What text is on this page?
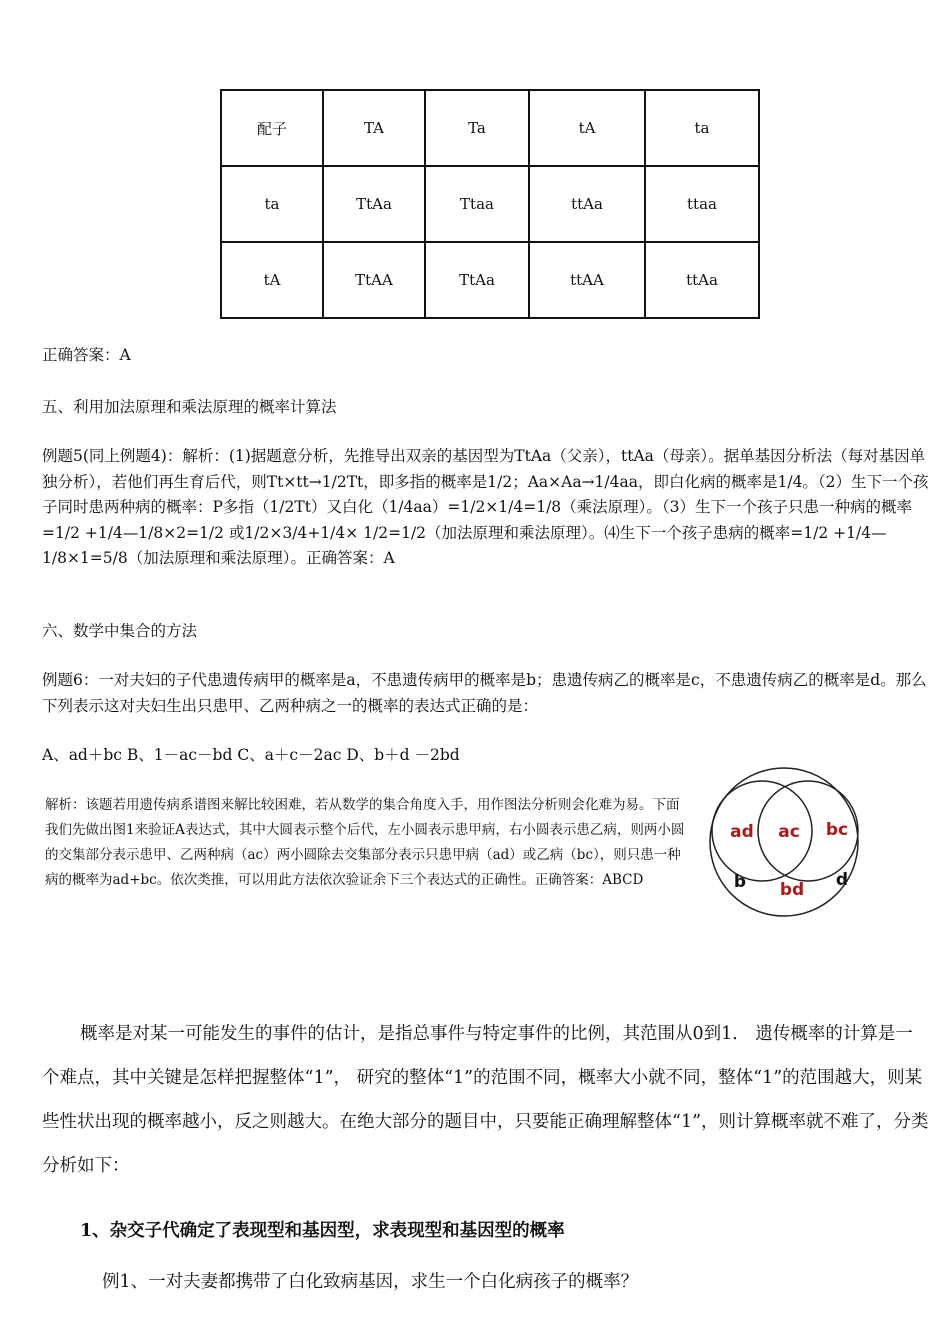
配子	TA	Ta	tA	ta
ta	TtAa	Ttaa	ttAa	ttaa
tA	TtAA	TtAa	ttAA	ttAa

正确答案：A

五、利用加法原理和乘法原理的概率计算法

例题5(同上例题4)：解析：(1)据题意分析，先推导出双亲的基因型为TtAa（父亲），ttAa（母亲）。据单基因分析法（每对基因单独分析），若他们再生育后代，则Tt×tt→1/2Tt，即多指的概率是1/2；Aa×Aa→1/4aa，即白化病的概率是1/4。（2）生下一个孩子同时患两种病的概率：P多指（1/2Tt）又白化（1/4aa）=1/2×1/4=1/8（乘法原理）。（3）生下一个孩子只患一种病的概率=1/2 +1/4—1/8×2=1/2 或1/2×3/4+1/4× 1/2=1/2（加法原理和乘法原理）。⑷生下一个孩子患病的概率=1/2 +1/4—1/8×1=5/8（加法原理和乘法原理）。正确答案：A

六、数学中集合的方法

例题6：一对夫妇的子代患遗传病甲的概率是a，不患遗传病甲的概率是b；患遗传病乙的概率是c，不患遗传病乙的概率是d。那么下列表示这对夫妇生出只患甲、乙两种病之一的概率的表达式正确的是：

A、ad＋bc B、1－ac－bd C、a＋c－2ac D、b＋d －2bd

解析：该题若用遗传病系谱图来解比较困难，若从数学的集合角度入手，用作图法分析则会化难为易。下面我们先做出图1来验证A表达式，其中大圆表示整个后代，左小圆表示患甲病，右小圆表示患乙病，则两小圆的交集部分表示患甲、乙两种病（ac）两小圆除去交集部分表示只患甲病（ad）或乙病（bc），则只患一种病的概率为ad+bc。依次类推，可以用此方法依次验证余下三个表达式的正确性。正确答案：ABCD

ad ac bc
b bd d

概率是对某一可能发生的事件的估计，是指总事件与特定事件的比例，其范围从0到1． 遗传概率的计算是一个难点，其中关键是怎样把握整体“1”， 研究的整体“1”的范围不同，概率大小就不同，整体“1”的范围越大，则某些性状出现的概率越小，反之则越大。在绝大部分的题目中，只要能正确理解整体“1”，则计算概率就不难了，分类分析如下：

1、杂交子代确定了表现型和基因型，求表现型和基因型的概率

例1、一对夫妻都携带了白化致病基因，求生一个白化病孩子的概率？
